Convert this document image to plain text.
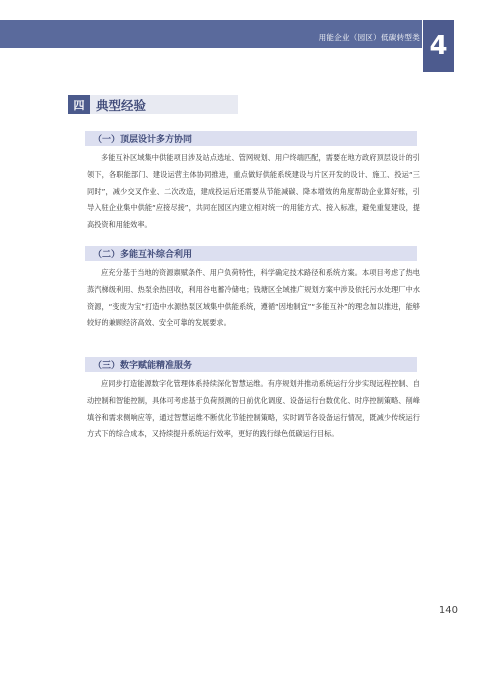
用能企业（园区）低碳转型类 4
四 典型经验
（一）顶层设计多方协同

多能互补区域集中供能项目涉及站点选址、管网规划、用户终端匹配，需要在地方政府顶层设计的引领下，各职能部门、建设运营主体协同推进，重点做好供能系统建设与片区开发的设计、施工、投运“三同时”，减少交叉作业、二次改造，建成投运后还需要从节能减碳、降本增效的角度帮助企业算好账，引导入驻企业集中供能“应接尽接”，共同在园区内建立相对统一的用能方式、接入标准，避免重复建设，提高投资和用能效率。

（二）多能互补综合利用

应充分基于当地的资源禀赋条件、用户负荷特性，科学确定技术路径和系统方案。本项目考虑了热电蒸汽梯级利用、热泵余热回收，利用谷电蓄冷储电；钱塘区全域推广规划方案中涉及依托污水处理厂中水资源，“变废为宝”打造中水源热泵区域集中供能系统，遵循“因地制宜”“多能互补”的理念加以推进，能够较好的兼顾经济高效、安全可靠的发展要求。

（三）数字赋能精准服务

应同步打造能源数字化管理体系持续深化智慧运维。有序规划并推动系统运行分步实现远程控制、自动控制和智能控制，具体可考虑基于负荷预测的日前优化调度、设备运行台数优化、时序控制策略、削峰填谷和需求侧响应等，通过智慧运维不断优化节能控制策略，实时调节各设备运行情况，既减少传统运行方式下的综合成本，又持续提升系统运行效率，更好的践行绿色低碳运行目标。

140
